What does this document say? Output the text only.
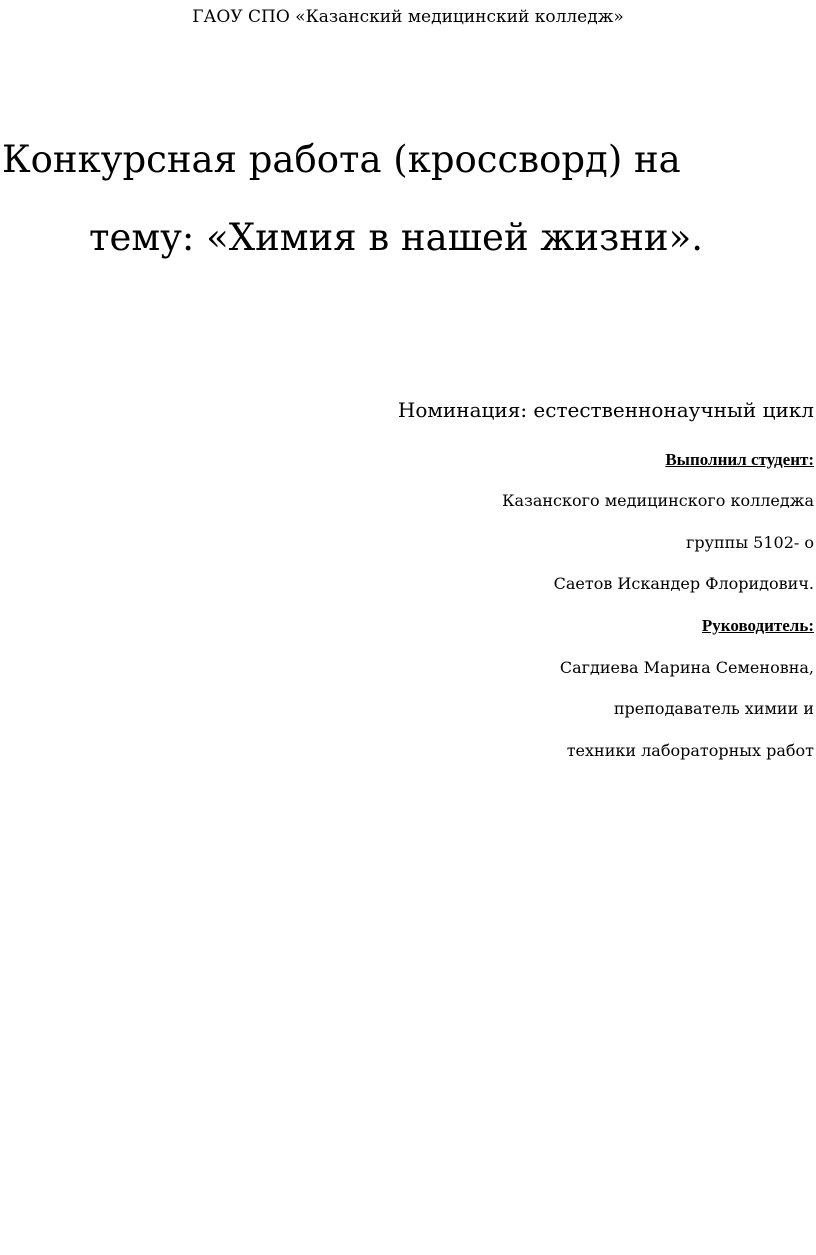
ГАОУ СПО «Казанский медицинский колледж»
Конкурсная работа (кроссворд) на
тему: «Химия в нашей жизни».
Номинация: естественнонаучный цикл
Выполнил студент:
Казанского медицинского колледжа
группы 5102- о
Саетов Искандер Флоридович.
Руководитель:
Сагдиева Марина Семеновна,
преподаватель химии и
техники лабораторных работ
